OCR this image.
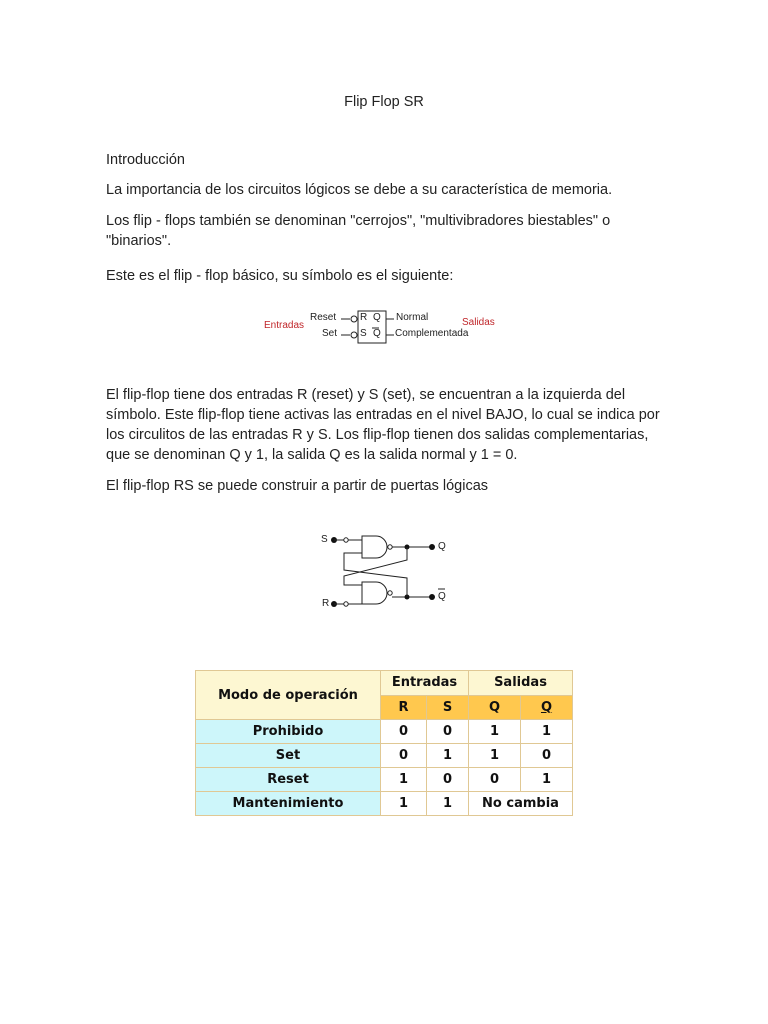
Flip Flop SR

Introducción

La importancia de los circuitos lógicos se debe a su característica de memoria.

Los flip - flops también se denominan "cerrojos", "multivibradores biestables" o "binarios".

Este es el flip - flop básico, su símbolo es el siguiente:

Entradas
Reset
Set
R
S
Q
Q
Normal
Complementada
Salidas

El flip-flop tiene dos entradas R (reset) y S (set), se encuentran a la izquierda del símbolo. Este flip-flop tiene activas las entradas en el nivel BAJO, lo cual se indica por los circulitos de las entradas R y S. Los flip-flop tienen dos salidas complementarias, que se denominan Q y 1, la salida Q es la salida normal y 1 = 0.

El flip-flop RS se puede construir a partir de puertas lógicas

S
R
Q
Q
Modo de operación	Entradas		Salidas	
	R	S	Q	Q
Prohibido	0	0	1	1
Set	0	1	1	0
Reset	1	0	0	1
Mantenimiento	1	1	No cambia	
